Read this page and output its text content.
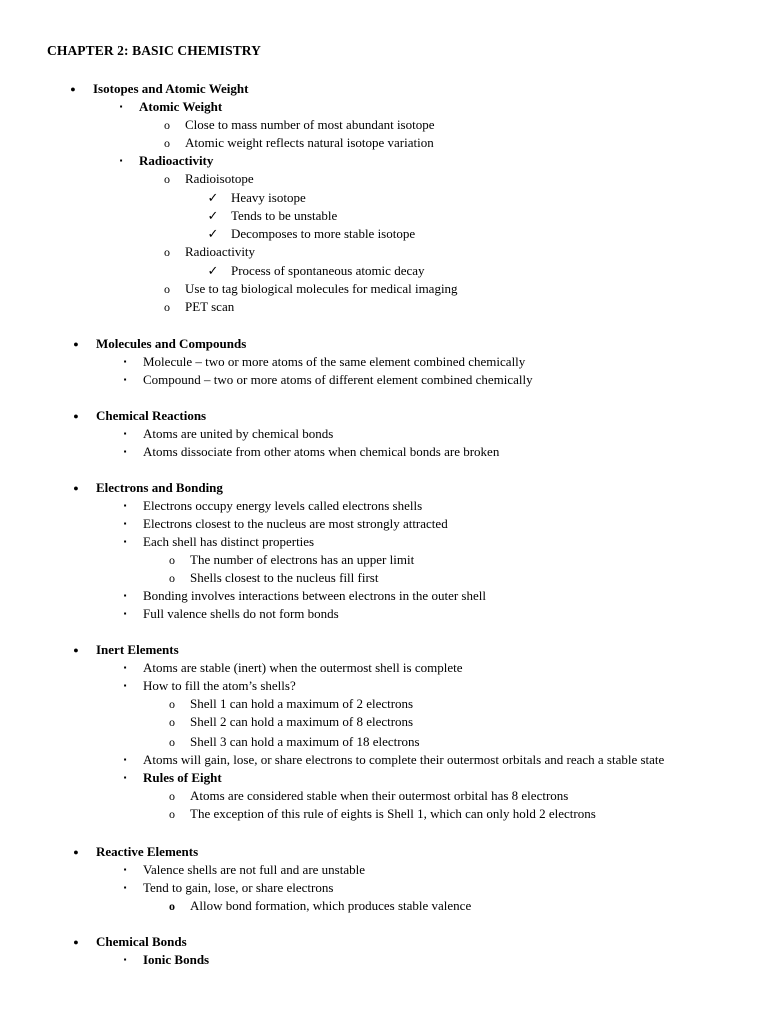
CHAPTER 2: BASIC CHEMISTRY
●	Isotopes and Atomic Weight
▪	Atomic Weight
o	Close to mass number of most abundant isotope
o	Atomic weight reflects natural isotope variation
▪	Radioactivity
o	Radioisotope
✓ Heavy isotope
✓ Tends to be unstable
✓ Decomposes to more stable isotope
o	Radioactivity
✓ Process of spontaneous atomic decay
o	Use to tag biological molecules for medical imaging
o	PET scan
●	Molecules and Compounds
▪	Molecule – two or more atoms of the same element combined chemically
▪	Compound – two or more atoms of different element combined chemically
●	Chemical Reactions
▪	Atoms are united by chemical bonds
▪	Atoms dissociate from other atoms when chemical bonds are broken
●	Electrons and Bonding
▪	Electrons occupy energy levels called electrons shells
▪	Electrons closest to the nucleus are most strongly attracted
▪	Each shell has distinct properties
o	The number of electrons has an upper limit
o	Shells closest to the nucleus fill first
▪	Bonding involves interactions between electrons in the outer shell
▪	Full valence shells do not form bonds
●	Inert Elements
▪	Atoms are stable (inert) when the outermost shell is complete
▪	How to fill the atom’s shells?
o	Shell 1 can hold a maximum of 2 electrons
o	Shell 2 can hold a maximum of 8 electrons
o	Shell 3 can hold a maximum of 18 electrons
▪	Atoms will gain, lose, or share electrons to complete their outermost orbitals and reach a stable state
▪	Rules of Eight
o	Atoms are considered stable when their outermost orbital has 8 electrons
o	The exception of this rule of eights is Shell 1, which can only hold 2 electrons
●	Reactive Elements
▪	Valence shells are not full and are unstable
▪	Tend to gain, lose, or share electrons
o	Allow bond formation, which produces stable valence
●	Chemical Bonds
▪	Ionic Bonds
